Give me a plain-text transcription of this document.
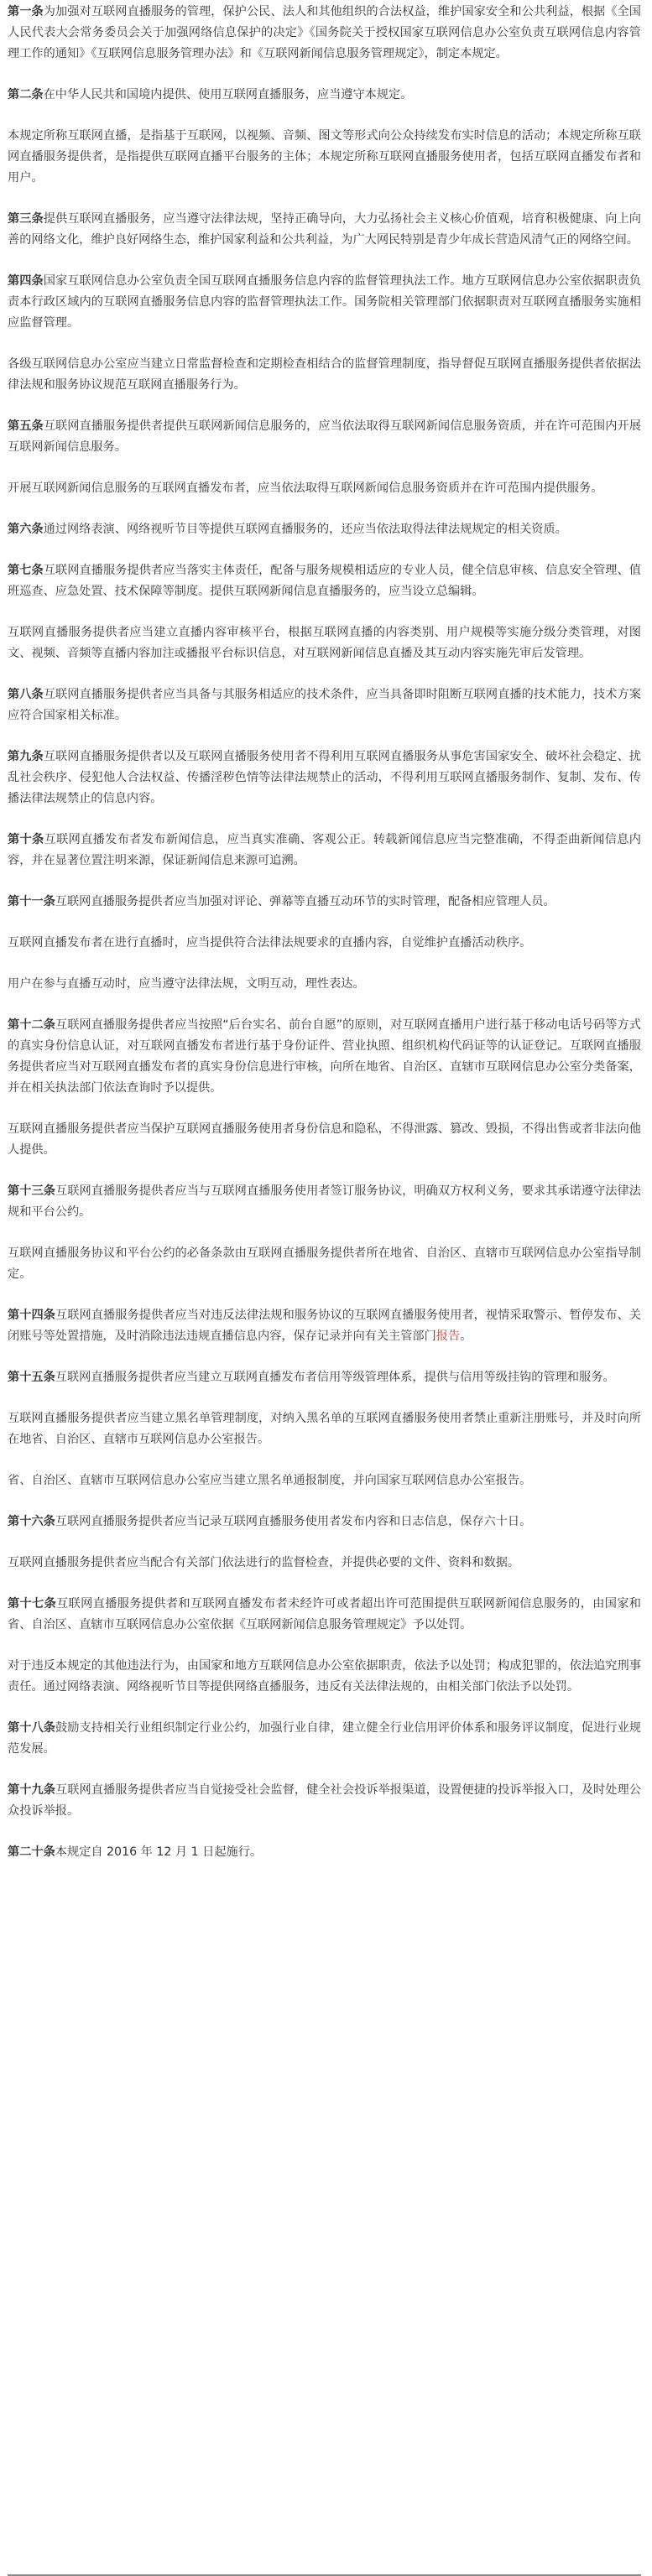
第一条为加强对互联网直播服务的管理，保护公民、法人和其他组织的合法权益，维护国家安全和公共利益，根据《全国人民代表大会常务委员会关于加强网络信息保护的决定》《国务院关于授权国家互联网信息办公室负责互联网信息内容管理工作的通知》《互联网信息服务管理办法》和《互联网新闻信息服务管理规定》，制定本规定。

第二条在中华人民共和国境内提供、使用互联网直播服务，应当遵守本规定。

本规定所称互联网直播，是指基于互联网，以视频、音频、图文等形式向公众持续发布实时信息的活动；本规定所称互联网直播服务提供者，是指提供互联网直播平台服务的主体；本规定所称互联网直播服务使用者，包括互联网直播发布者和用户。

第三条提供互联网直播服务，应当遵守法律法规，坚持正确导向，大力弘扬社会主义核心价值观，培育积极健康、向上向善的网络文化，维护良好网络生态，维护国家利益和公共利益，为广大网民特别是青少年成长营造风清气正的网络空间。

第四条国家互联网信息办公室负责全国互联网直播服务信息内容的监督管理执法工作。地方互联网信息办公室依据职责负责本行政区域内的互联网直播服务信息内容的监督管理执法工作。国务院相关管理部门依据职责对互联网直播服务实施相应监督管理。

各级互联网信息办公室应当建立日常监督检查和定期检查相结合的监督管理制度，指导督促互联网直播服务提供者依据法律法规和服务协议规范互联网直播服务行为。

第五条互联网直播服务提供者提供互联网新闻信息服务的，应当依法取得互联网新闻信息服务资质，并在许可范围内开展互联网新闻信息服务。

开展互联网新闻信息服务的互联网直播发布者，应当依法取得互联网新闻信息服务资质并在许可范围内提供服务。

第六条通过网络表演、网络视听节目等提供互联网直播服务的，还应当依法取得法律法规规定的相关资质。

第七条互联网直播服务提供者应当落实主体责任，配备与服务规模相适应的专业人员，健全信息审核、信息安全管理、值班巡查、应急处置、技术保障等制度。提供互联网新闻信息直播服务的，应当设立总编辑。

互联网直播服务提供者应当建立直播内容审核平台，根据互联网直播的内容类别、用户规模等实施分级分类管理，对图文、视频、音频等直播内容加注或播报平台标识信息，对互联网新闻信息直播及其互动内容实施先审后发管理。

第八条互联网直播服务提供者应当具备与其服务相适应的技术条件，应当具备即时阻断互联网直播的技术能力，技术方案应符合国家相关标准。

第九条互联网直播服务提供者以及互联网直播服务使用者不得利用互联网直播服务从事危害国家安全、破坏社会稳定、扰乱社会秩序、侵犯他人合法权益、传播淫秽色情等法律法规禁止的活动，不得利用互联网直播服务制作、复制、发布、传播法律法规禁止的信息内容。

第十条互联网直播发布者发布新闻信息，应当真实准确、客观公正。转载新闻信息应当完整准确，不得歪曲新闻信息内容，并在显著位置注明来源，保证新闻信息来源可追溯。

第十一条互联网直播服务提供者应当加强对评论、弹幕等直播互动环节的实时管理，配备相应管理人员。

互联网直播发布者在进行直播时，应当提供符合法律法规要求的直播内容，自觉维护直播活动秩序。

用户在参与直播互动时，应当遵守法律法规，文明互动，理性表达。

第十二条互联网直播服务提供者应当按照“后台实名、前台自愿”的原则，对互联网直播用户进行基于移动电话号码等方式的真实身份信息认证，对互联网直播发布者进行基于身份证件、营业执照、组织机构代码证等的认证登记。互联网直播服务提供者应当对互联网直播发布者的真实身份信息进行审核，向所在地省、自治区、直辖市互联网信息办公室分类备案，并在相关执法部门依法查询时予以提供。

互联网直播服务提供者应当保护互联网直播服务使用者身份信息和隐私，不得泄露、篡改、毁损，不得出售或者非法向他人提供。

第十三条互联网直播服务提供者应当与互联网直播服务使用者签订服务协议，明确双方权利义务，要求其承诺遵守法律法规和平台公约。

互联网直播服务协议和平台公约的必备条款由互联网直播服务提供者所在地省、自治区、直辖市互联网信息办公室指导制定。

第十四条互联网直播服务提供者应当对违反法律法规和服务协议的互联网直播服务使用者，视情采取警示、暂停发布、关闭账号等处置措施，及时消除违法违规直播信息内容，保存记录并向有关主管部门报告。

第十五条互联网直播服务提供者应当建立互联网直播发布者信用等级管理体系，提供与信用等级挂钩的管理和服务。

互联网直播服务提供者应当建立黑名单管理制度，对纳入黑名单的互联网直播服务使用者禁止重新注册账号，并及时向所在地省、自治区、直辖市互联网信息办公室报告。

省、自治区、直辖市互联网信息办公室应当建立黑名单通报制度，并向国家互联网信息办公室报告。

第十六条互联网直播服务提供者应当记录互联网直播服务使用者发布内容和日志信息，保存六十日。

互联网直播服务提供者应当配合有关部门依法进行的监督检查，并提供必要的文件、资料和数据。

第十七条互联网直播服务提供者和互联网直播发布者未经许可或者超出许可范围提供互联网新闻信息服务的，由国家和省、自治区、直辖市互联网信息办公室依据《互联网新闻信息服务管理规定》予以处罚。

对于违反本规定的其他违法行为，由国家和地方互联网信息办公室依据职责，依法予以处罚；构成犯罪的，依法追究刑事责任。通过网络表演、网络视听节目等提供网络直播服务，违反有关法律法规的，由相关部门依法予以处罚。

第十八条鼓励支持相关行业组织制定行业公约，加强行业自律，建立健全行业信用评价体系和服务评议制度，促进行业规范发展。

第十九条互联网直播服务提供者应当自觉接受社会监督，健全社会投诉举报渠道，设置便捷的投诉举报入口，及时处理公众投诉举报。

第二十条本规定自 2016 年 12 月 1 日起施行。
